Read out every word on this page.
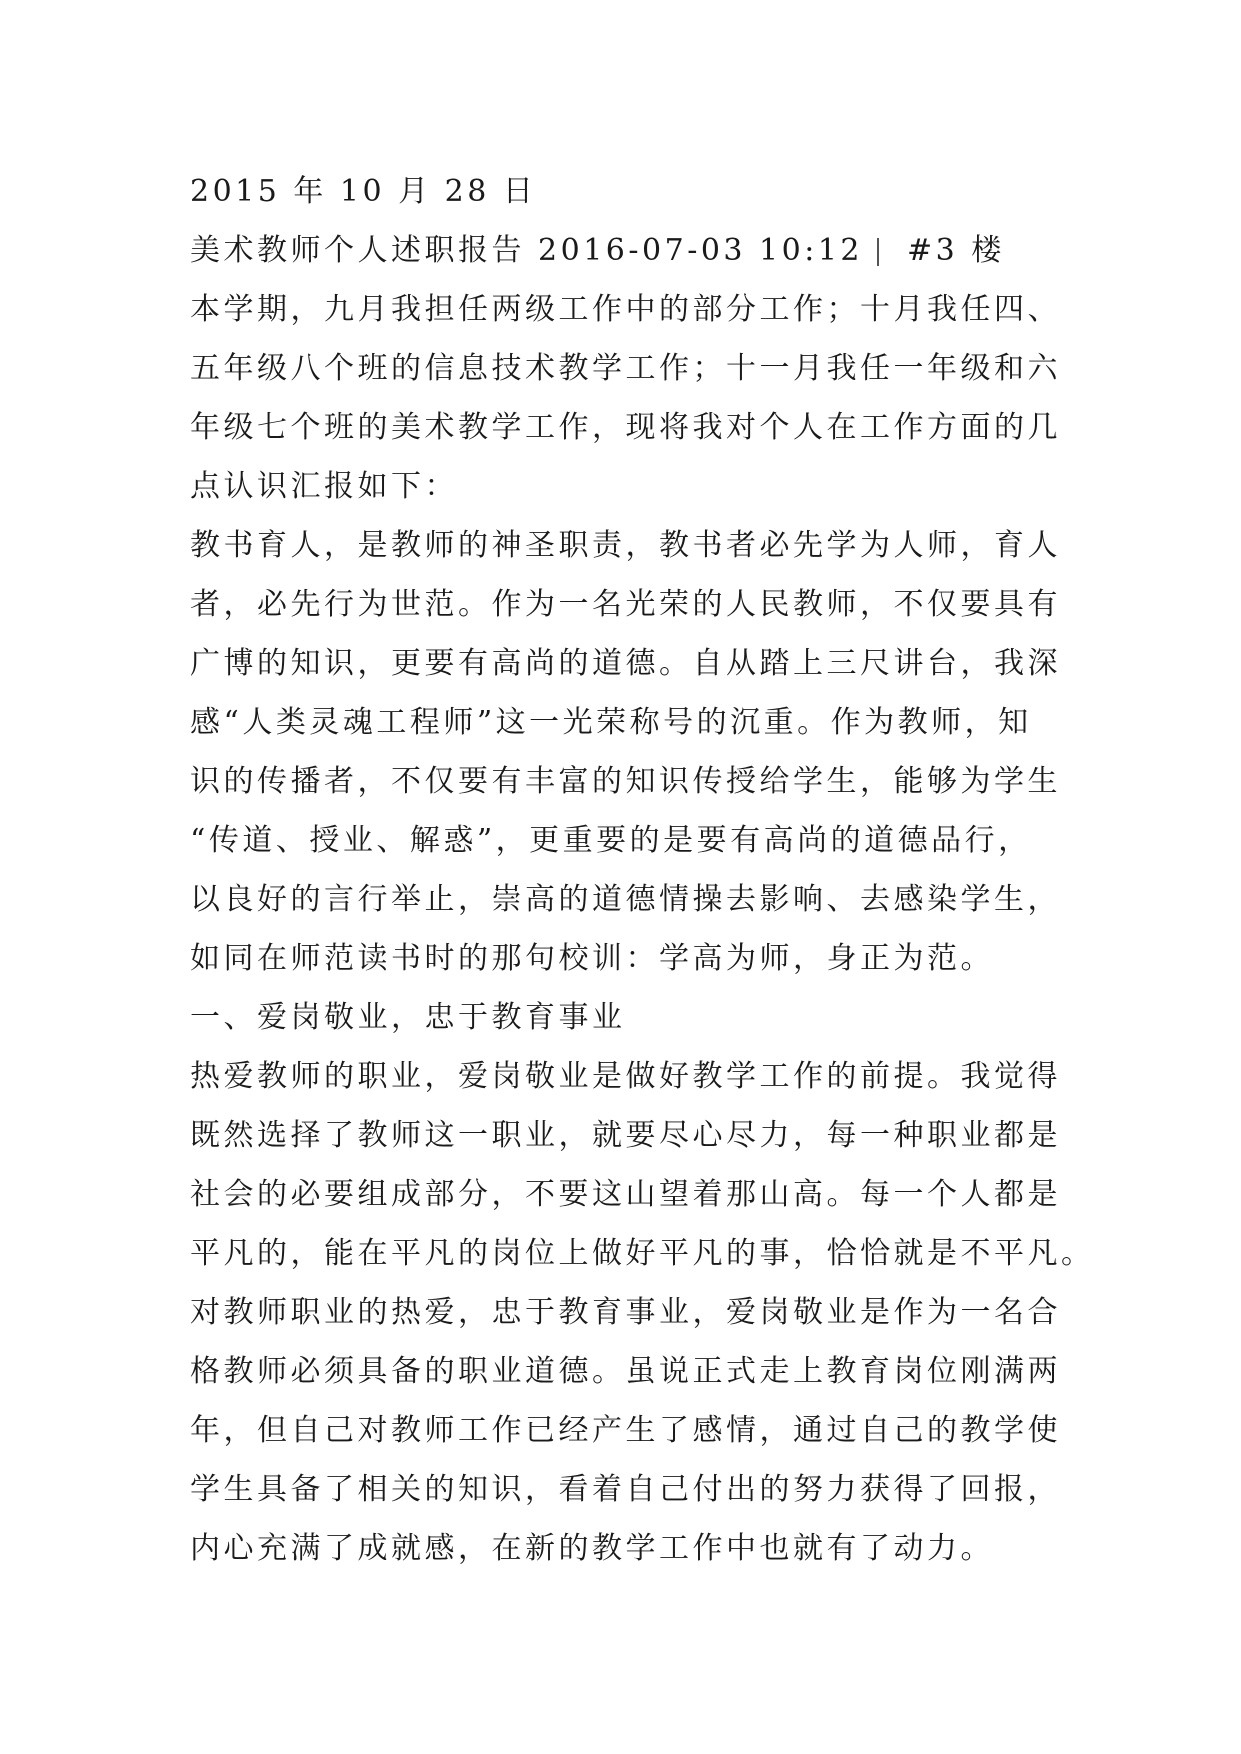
2015 年 10 月 28 日
美术教师个人述职报告 2016-07-03 10:12 #3 楼
本学期，九月我担任两级工作中的部分工作；十月我任四、
五年级八个班的信息技术教学工作；十一月我任一年级和六
年级七个班的美术教学工作，现将我对个人在工作方面的几
点认识汇报如下：
教书育人，是教师的神圣职责，教书者必先学为人师，育人
者，必先行为世范。作为一名光荣的人民教师，不仅要具有
广博的知识，更要有高尚的道德。自从踏上三尺讲台，我深
感“人类灵魂工程师”这一光荣称号的沉重。作为教师，知
识的传播者，不仅要有丰富的知识传授给学生，能够为学生
“传道、授业、解惑”，更重要的是要有高尚的道德品行，
以良好的言行举止，崇高的道德情操去影响、去感染学生，
如同在师范读书时的那句校训：学高为师，身正为范。
一、爱岗敬业，忠于教育事业
热爱教师的职业，爱岗敬业是做好教学工作的前提。我觉得
既然选择了教师这一职业，就要尽心尽力，每一种职业都是
社会的必要组成部分，不要这山望着那山高。每一个人都是
平凡的，能在平凡的岗位上做好平凡的事，恰恰就是不平凡。
对教师职业的热爱，忠于教育事业，爱岗敬业是作为一名合
格教师必须具备的职业道德。虽说正式走上教育岗位刚满两
年，但自己对教师工作已经产生了感情，通过自己的教学使
学生具备了相关的知识，看着自己付出的努力获得了回报，
内心充满了成就感，在新的教学工作中也就有了动力。
